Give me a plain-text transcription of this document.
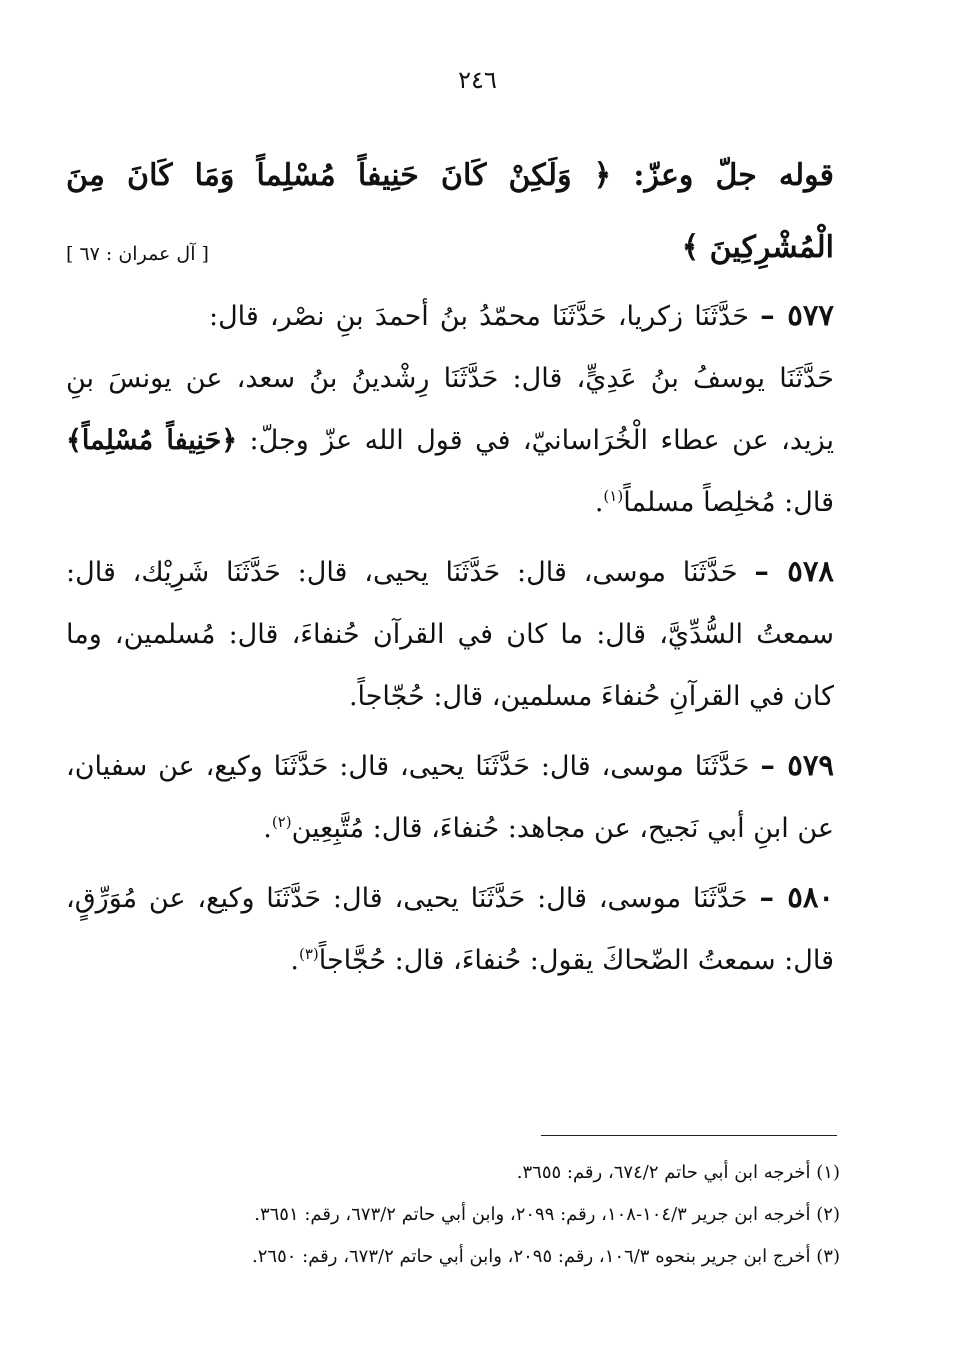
٢٤٦

قوله جلّ وعزّ: ﴿ وَلَكِنْ كَانَ حَنِيفاً مُسْلِماً وَمَا كَانَ مِنَ الْمُشْرِكِينَ ﴾
[ آل عمران : ٦٧ ]

٥٧٧ – حَدَّثَنَا زكريا، حَدَّثَنَا محمّدُ بنُ أحمدَ بنِ نصْر، قال: حَدَّثَنَا يوسفُ بنُ عَدِيٍّ، قال: حَدَّثَنَا رِشْدينُ بنُ سعد، عن يونسَ بنِ يزيد، عن عطاء الْخُرَاسانيّ، في قول الله عزّ وجلّ: ﴿حَنِيفاً مُسْلِماً﴾ قال: مُخلِصاً مسلماً$^{(١)}$.

٥٧٨ – حَدَّثَنَا موسى، قال: حَدَّثَنَا يحيى، قال: حَدَّثَنَا شَرِيْك، قال: سمعتُ السُّدِّيَّ، قال: ما كان في القرآن حُنفاءَ، قال: مُسلمين، وما كان في القرآنِ حُنفاءَ مسلمين، قال: حُجّاجاً.

٥٧٩ – حَدَّثَنَا موسى، قال: حَدَّثَنَا يحيى، قال: حَدَّثَنَا وكيع، عن سفيان، عن ابنِ أبي نَجيح، عن مجاهد: حُنفاءَ، قال: مُتَّبِعِين$^{(٢)}$.

٥٨٠ – حَدَّثَنَا موسى، قال: حَدَّثَنَا يحيى، قال: حَدَّثَنَا وكيع، عن مُوَرِّقٍ، قال: سمعتُ الضّحاكَ يقول: حُنفاءَ، قال: حُجَّاجاً$^{(٣)}$.

(١) أخرجه ابن أبي حاتم ٦٧٤/٢، رقم: ٣٦٥٥.

(٢) أخرجه ابن جرير ١٠٤/٣-١٠٨، رقم: ٢٠٩٩، وابن أبي حاتم ٦٧٣/٢، رقم: ٣٦٥١.

(٣) أخرج ابن جرير بنحوه ١٠٦/٣، رقم: ٢٠٩٥، وابن أبي حاتم ٦٧٣/٢، رقم: ٢٦٥٠.
